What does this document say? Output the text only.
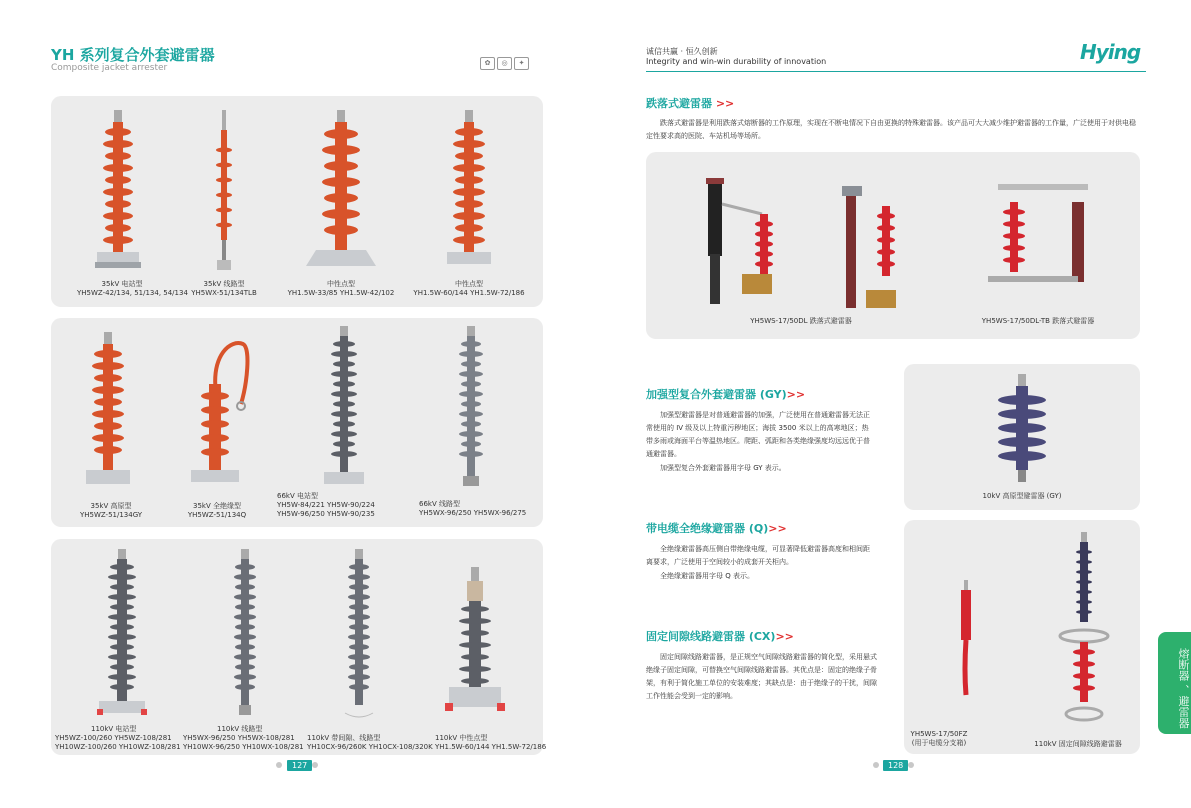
YH 系列复合外套避雷器
Composite jacket arrester	✿	◎	✦
35kV 电站型
YH5WZ-42/134, 51/134, 54/134
35kV 线路型
YH5WX-51/134TLB
中性点型
YH1.5W-33/85 YH1.5W-42/102
中性点型
YH1.5W-60/144 YH1.5W-72/186
35kV 高原型
YH5WZ-51/134GY
35kV 全绝缘型
YH5WZ-51/134Q
66kV 电站型
YH5W-84/221 YH5W-90/224
YH5W-96/250 YH5W-90/235
66kV 线路型
YH5WX-96/250 YH5WX-96/275
110kV 电站型
YH5WZ-100/260 YH5WZ-108/281
YH10WZ-100/260 YH10WZ-108/281
110kV 线路型
YH5WX-96/250 YH5WX-108/281
YH10WX-96/250 YH10WX-108/281
110kV 带间隙、线路型
YH10CX-96/260K YH10CX-108/320K
110kV 中性点型
YH1.5W-60/144 YH1.5W-72/186
127
诚信共赢 · 恒久创新
Integrity and win-win durability of innovation	Hying
跌落式避雷器 >>
跌落式避雷器是利用跌落式熔断器的工作原理，实现在不断电情况下自由更换的特殊避雷器。该产品可大大减少维护避雷器的工作量，广泛使用于对供电稳定性要求高的医院、车站机场等场所。
YH5WS-17/50DL 跌落式避雷器	YH5WS-17/50DL-TB 跌落式避雷器
加强型复合外套避雷器 (GY)>>
加强型避雷器是对普通避雷器的加强，广泛使用在普通避雷器无法正常使用的 IV 级及以上特重污秽地区；海拔 3500 米以上的高寒地区；热带多雨或海面平台等温热地区。爬距、弧距和各类绝缘强度均远远优于普通避雷器。
加强型复合外套避雷器用字母 GY 表示。
10kV 高原型避雷器 (GY)
带电缆全绝缘避雷器 (Q)>>
全绝缘避雷器高压侧自带绝缘电缆，可显著降低避雷器高度和相间距离要求，广泛使用于空间较小的成套开关柜内。
全绝缘避雷器用字母 Q 表示。
固定间隙线路避雷器 (CX)>>
固定间隙线路避雷器，是正规空气间隙线路避雷器的简化型，采用悬式绝缘子固定间隙，可替换空气间隙线路避雷器。其优点是：固定的绝缘子骨架，有利于简化施工单位的安装难度；其缺点是：由于绝缘子的干扰，间隙工作性能会受到一定的影响。
YH5WS-17/50FZ
(用于电缆分支箱)	110kV 固定间隙线路避雷器
熔断器 、避雷器
128
